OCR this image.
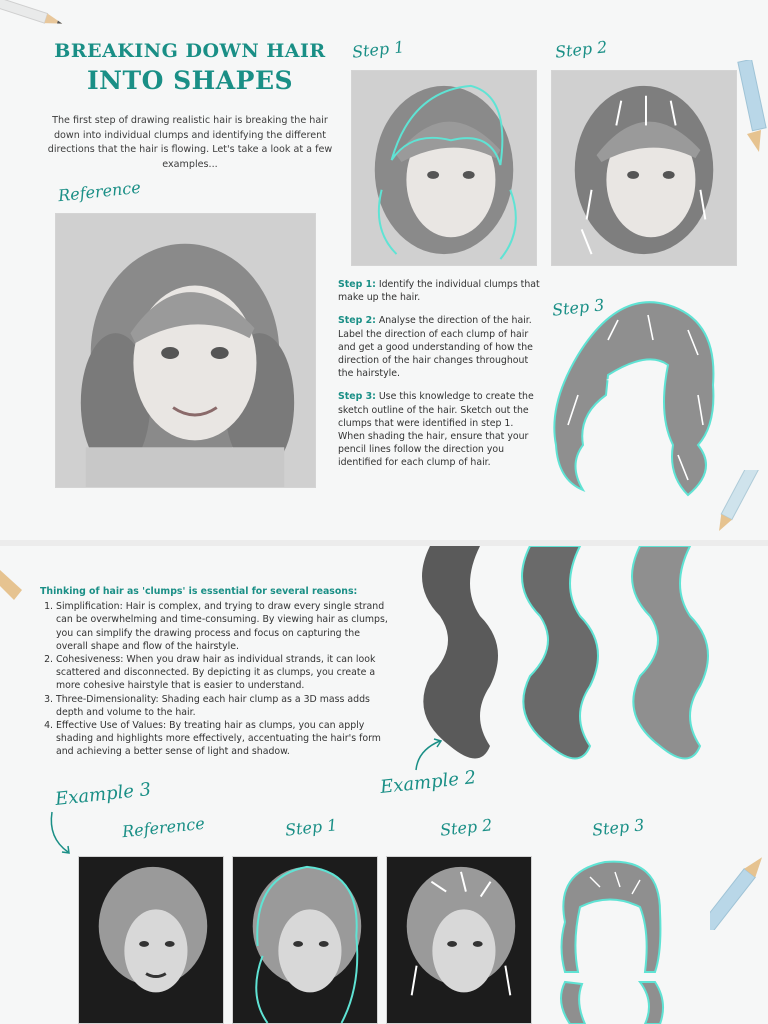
BREAKING DOWN HAIR
INTO SHAPES
The first step of drawing realistic hair is breaking the hair down into individual clumps and identifying the different directions that the hair is flowing. Let's take a look at a few examples...
Reference
Step 1	Step 2

Step 1: Identify the individual clumps that make up the hair.

Step 2: Analyse the direction of the hair. Label the direction of each clump of hair and get a good understanding of how the direction of the hair changes throughout the hairstyle.

Step 3: Use this knowledge to create the sketch outline of the hair. Sketch out the clumps that were identified in step 1. When shading the hair, ensure that your pencil lines follow the direction you identified for each clump of hair.

Step 3
Thinking of hair as 'clumps' is essential for several reasons:
1. Simplification: Hair is complex, and trying to draw every single strand can be overwhelming and time-consuming. By viewing hair as clumps, you can simplify the drawing process and focus on capturing the overall shape and flow of the hairstyle.
2. Cohesiveness: When you draw hair as individual strands, it can look scattered and disconnected. By depicting it as clumps, you create a more cohesive hairstyle that is easier to understand.
3. Three-Dimensionality: Shading each hair clump as a 3D mass adds depth and volume to the hair.
4. Effective Use of Values: By treating hair as clumps, you can apply shading and highlights more effectively, accentuating the hair's form and achieving a better sense of light and shadow.
Example 2
Example 3
Reference	Step 1	Step 2	Step 3
